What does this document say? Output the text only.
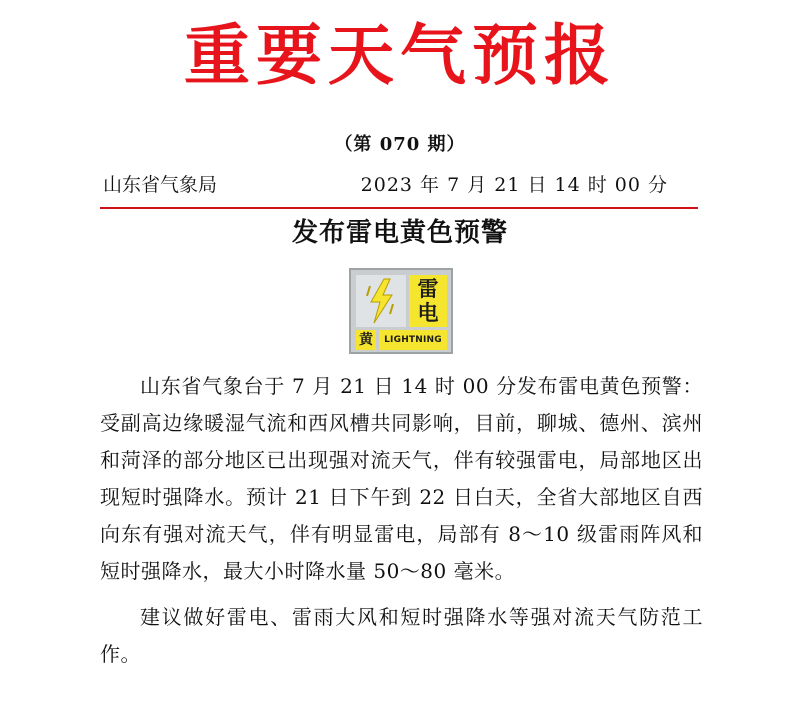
重要天气预报
（第 070 期）
山东省气象局	2023 年 7 月 21 日 14 时 00 分
发布雷电黄色预警
雷
电
黄	LIGHTNING

山东省气象台于 7 月 21 日 14 时 00 分发布雷电黄色预警：受副高边缘暖湿气流和西风槽共同影响，目前，聊城、德州、滨州和菏泽的部分地区已出现强对流天气，伴有较强雷电，局部地区出现短时强降水。预计 21 日下午到 22 日白天，全省大部地区自西向东有强对流天气，伴有明显雷电，局部有 8～10 级雷雨阵风和短时强降水，最大小时降水量 50～80 毫米。

建议做好雷电、雷雨大风和短时强降水等强对流天气防范工作。
